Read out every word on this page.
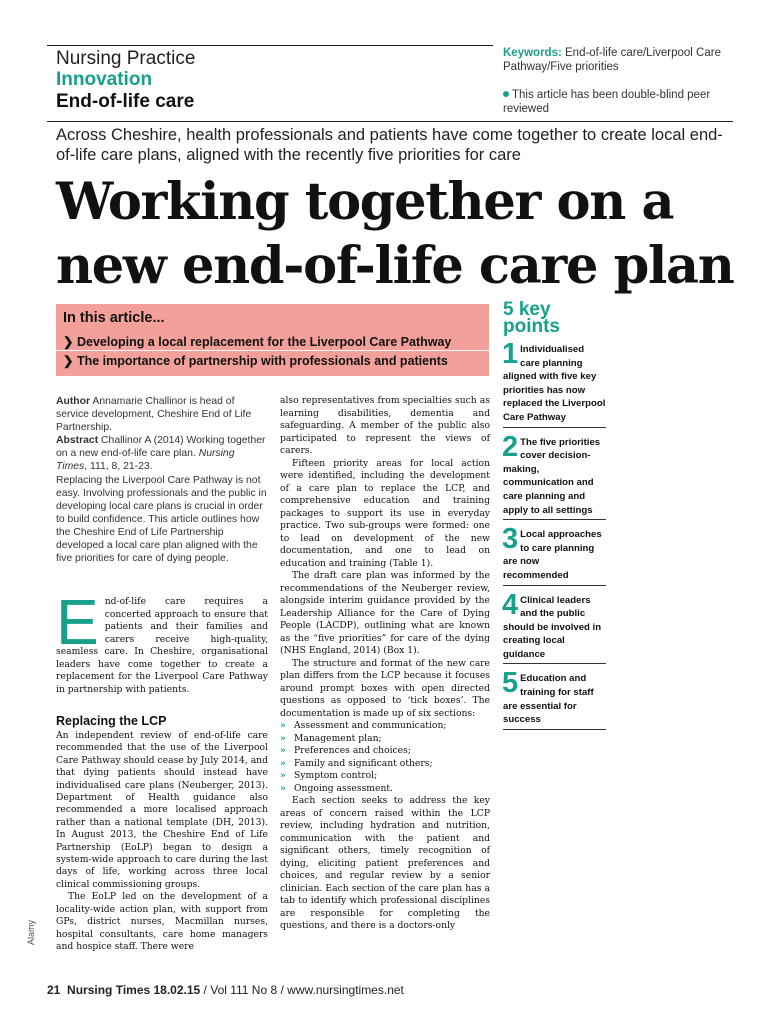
Nursing Practice
Innovation
End-of-life care
Keywords: End-of-life care/Liverpool Care Pathway/Five priorities
This article has been double-blind peer reviewed
Across Cheshire, health professionals and patients have come together to create local end-of-life care plans, aligned with the recently five priorities for care
Working together on a
new end-of-life care plan
In this article...
❯ Developing a local replacement for the Liverpool Care Pathway
❯ The importance of partnership with professionals and patients
5 key points
1 Individualised care planning aligned with five key priorities has now replaced the Liverpool Care Pathway
2 The five priorities cover decision-making, communication and care planning and apply to all settings
3 Local approaches to care planning are now recommended
4 Clinical leaders and the public should be involved in creating local guidance
5 Education and training for staff are essential for success

Author Annamarie Challinor is head of service development, Cheshire End of Life Partnership.

Abstract Challinor A (2014) Working together on a new end-of-life care plan. Nursing Times, 111, 8, 21-23.

Replacing the Liverpool Care Pathway is not easy. Involving professionals and the public in developing local care plans is crucial in order to build confidence. This article outlines how the Cheshire End of Life Partnership developed a local care plan aligned with the five priorities for care of dying people.

E nd-of-life care requires a concerted approach to ensure that patients and their families and carers receive high-quality, seamless care. In Cheshire, organisational leaders have come together to create a replacement for the Liverpool Care Pathway in partnership with patients.

Replacing the LCP

An independent review of end-of-life care recommended that the use of the Liverpool Care Pathway should cease by July 2014, and that dying patients should instead have individualised care plans (Neuberger, 2013). Department of Health guidance also recommended a more localised approach rather than a national template (DH, 2013). In August 2013, the Cheshire End of Life Partnership (EoLP) began to design a system-wide approach to care during the last days of life, working across three local clinical commissioning groups.

The EoLP led on the development of a locality-wide action plan, with support from GPs, district nurses, Macmillan nurses, hospital consultants, care home managers and hospice staff. There were

also representatives from specialties such as learning disabilities, dementia and safeguarding. A member of the public also participated to represent the views of carers.

Fifteen priority areas for local action were identified, including the development of a care plan to replace the LCP, and comprehensive education and training packages to support its use in everyday practice. Two sub-groups were formed: one to lead on development of the new documentation, and one to lead on education and training (Table 1).

The draft care plan was informed by the recommendations of the Neuberger review, alongside interim guidance provided by the Leadership Alliance for the Care of Dying People (LACDP), outlining what are known as the “five priorities” for care of the dying (NHS England, 2014) (Box 1).

The structure and format of the new care plan differs from the LCP because it focuses around prompt boxes with open directed questions as opposed to ‘tick boxes’. The documentation is made up of six sections:

» Assessment and communication;
» Management plan;
» Preferences and choices;
» Family and significant others;
» Symptom control;
» Ongoing assessment.

Each section seeks to address the key areas of concern raised within the LCP review, including hydration and nutrition, communication with the patient and significant others, timely recognition of dying, eliciting patient preferences and choices, and regular review by a senior clinician. Each section of the care plan has a tab to identify which professional disciplines are responsible for completing the questions, and there is a doctors-only

Alamy
21 Nursing Times 18.02.15 / Vol 111 No 8 / www.nursingtimes.net
